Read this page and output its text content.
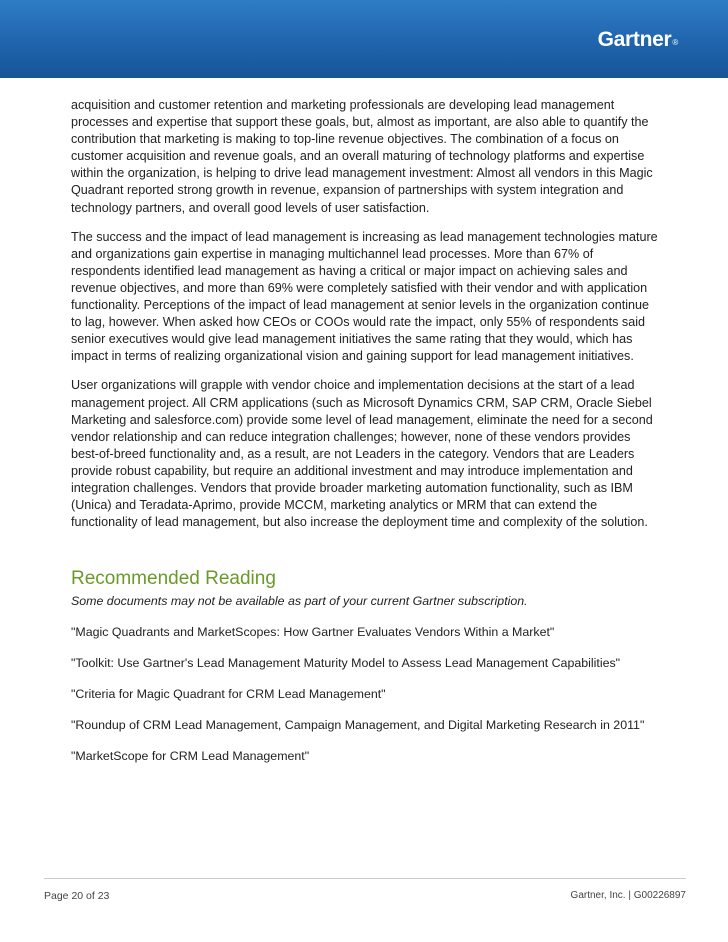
Gartner®

acquisition and customer retention and marketing professionals are developing lead management processes and expertise that support these goals, but, almost as important, are also able to quantify the contribution that marketing is making to top-line revenue objectives. The combination of a focus on customer acquisition and revenue goals, and an overall maturing of technology platforms and expertise within the organization, is helping to drive lead management investment: Almost all vendors in this Magic Quadrant reported strong growth in revenue, expansion of partnerships with system integration and technology partners, and overall good levels of user satisfaction.

The success and the impact of lead management is increasing as lead management technologies mature and organizations gain expertise in managing multichannel lead processes. More than 67% of respondents identified lead management as having a critical or major impact on achieving sales and revenue objectives, and more than 69% were completely satisfied with their vendor and with application functionality. Perceptions of the impact of lead management at senior levels in the organization continue to lag, however. When asked how CEOs or COOs would rate the impact, only 55% of respondents said senior executives would give lead management initiatives the same rating that they would, which has impact in terms of realizing organizational vision and gaining support for lead management initiatives.

User organizations will grapple with vendor choice and implementation decisions at the start of a lead management project. All CRM applications (such as Microsoft Dynamics CRM, SAP CRM, Oracle Siebel Marketing and salesforce.com) provide some level of lead management, eliminate the need for a second vendor relationship and can reduce integration challenges; however, none of these vendors provides best-of-breed functionality and, as a result, are not Leaders in the category. Vendors that are Leaders provide robust capability, but require an additional investment and may introduce implementation and integration challenges. Vendors that provide broader marketing automation functionality, such as IBM (Unica) and Teradata-Aprimo, provide MCCM, marketing analytics or MRM that can extend the functionality of lead management, but also increase the deployment time and complexity of the solution.

Recommended Reading

Some documents may not be available as part of your current Gartner subscription.

"Magic Quadrants and MarketScopes: How Gartner Evaluates Vendors Within a Market"

"Toolkit: Use Gartner's Lead Management Maturity Model to Assess Lead Management Capabilities"

"Criteria for Magic Quadrant for CRM Lead Management"

"Roundup of CRM Lead Management, Campaign Management, and Digital Marketing Research in 2011"

"MarketScope for CRM Lead Management"

Page 20 of 23	Gartner, Inc. | G00226897
